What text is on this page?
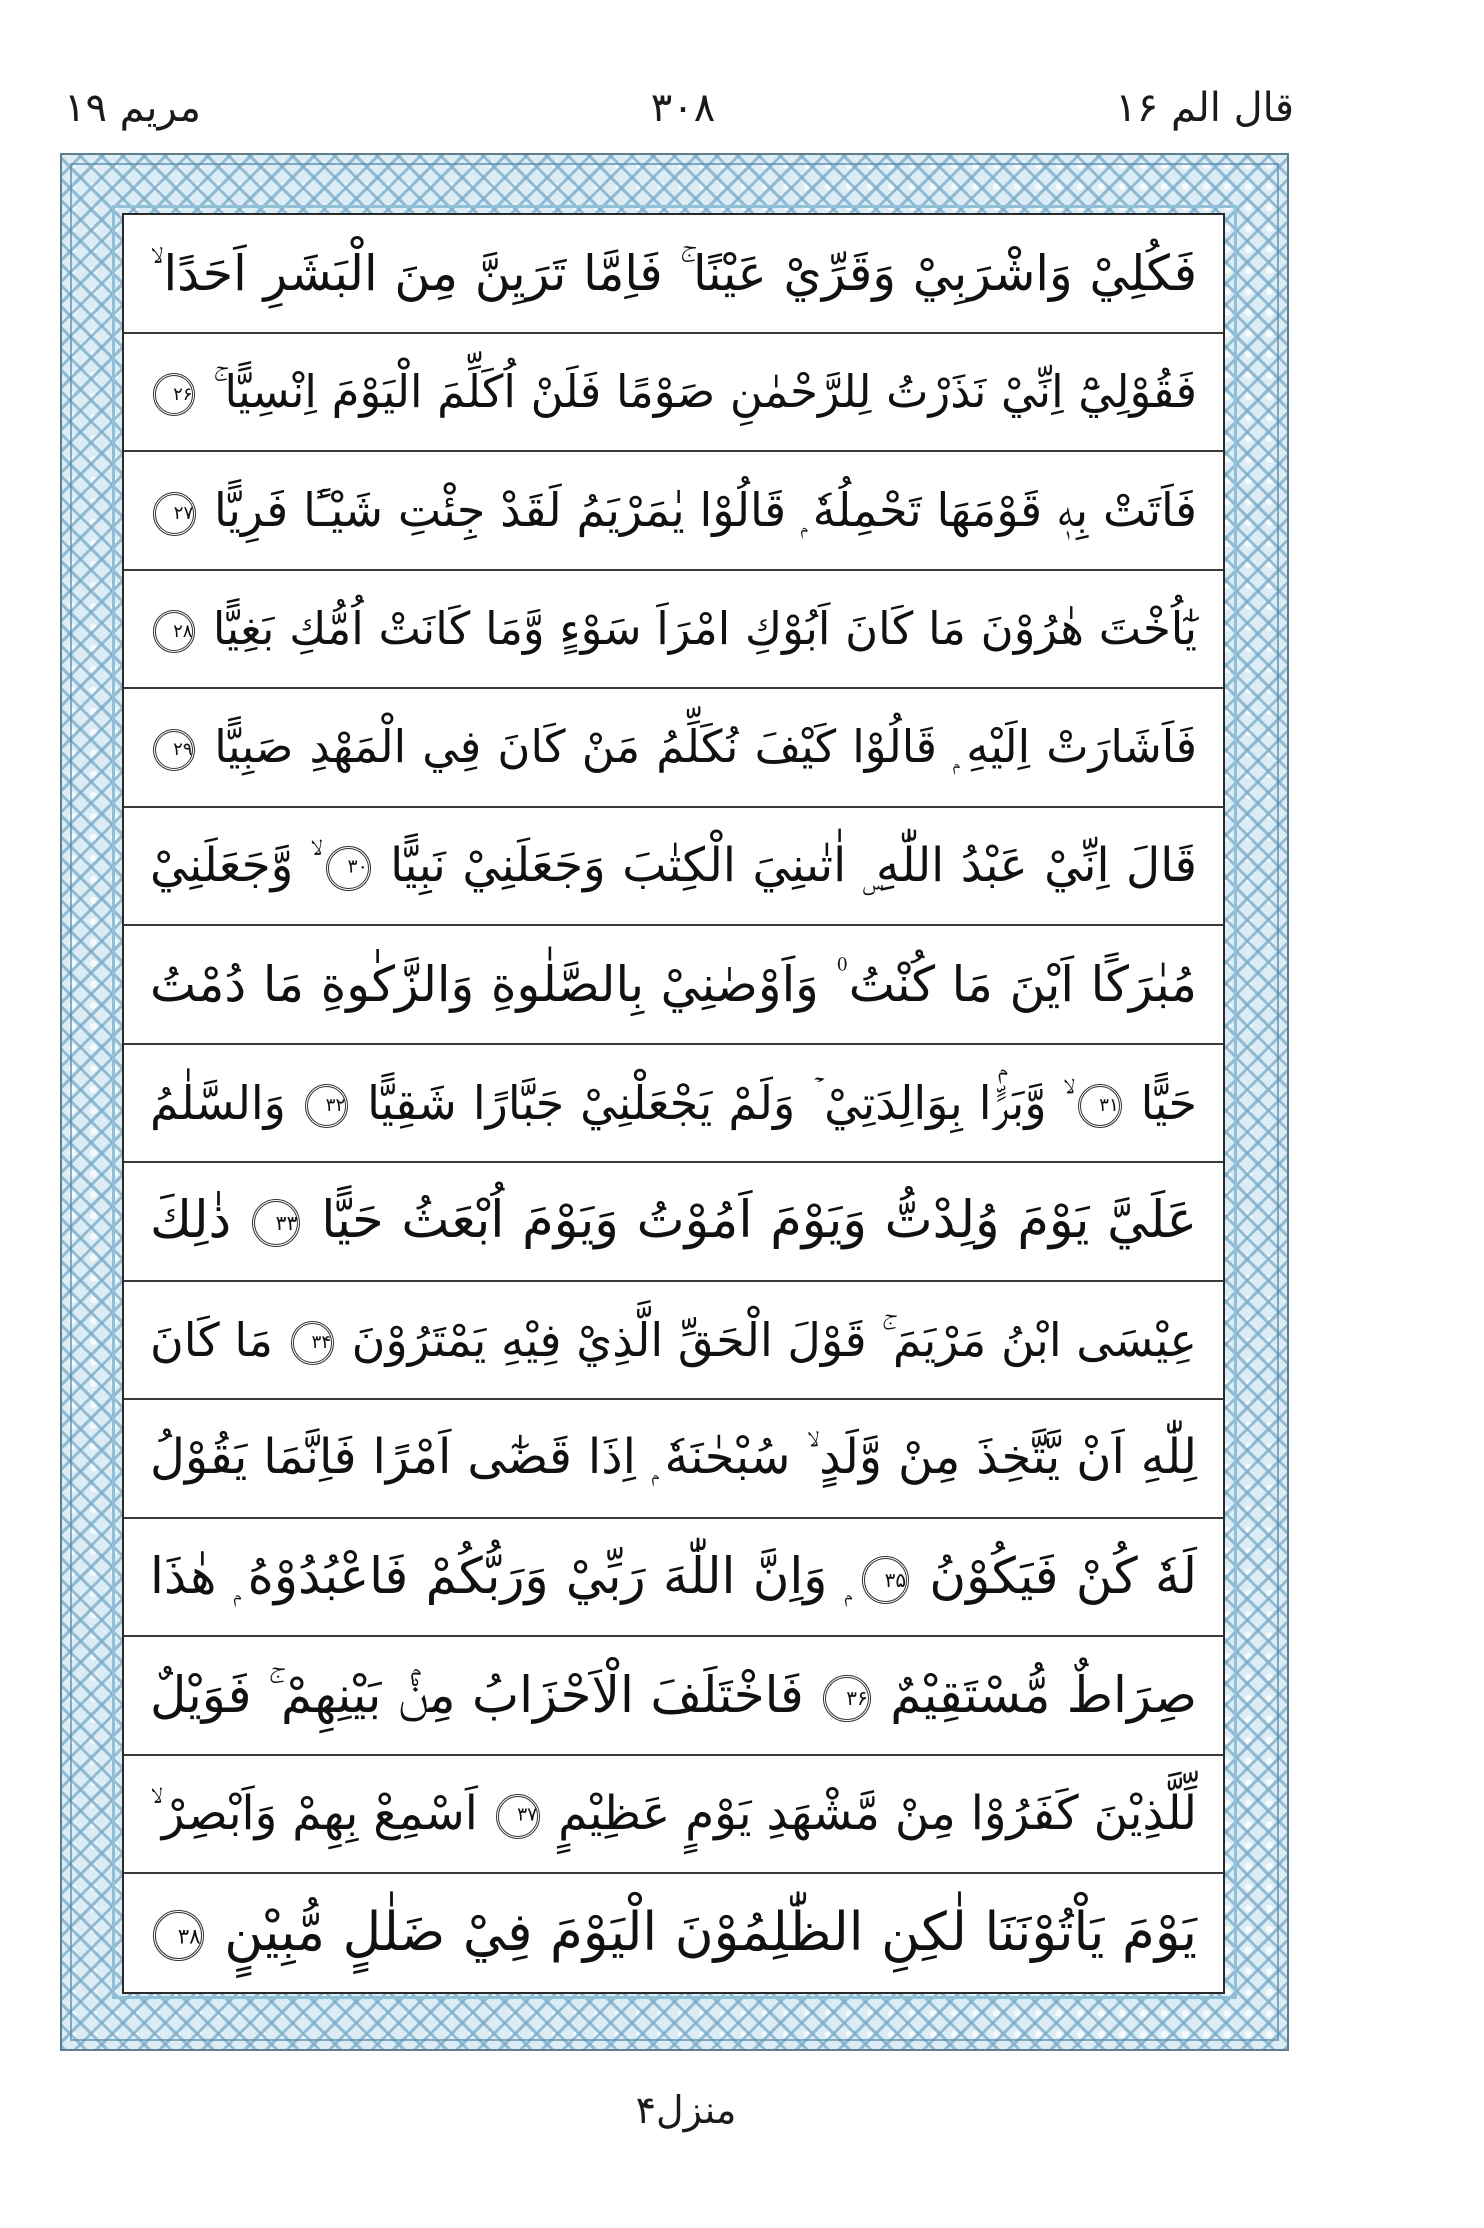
مریم ۱۹	۳۰۸	قال الم ۱۶
فَكُلِيْ وَاشْرَبِيْ وَقَرِّيْ عَيْنًا ۚ فَاِمَّا تَرَيِنَّ مِنَ الْبَشَرِ اَحَدًا ۙ
فَقُوْلِيْٓ اِنِّيْ نَذَرْتُ لِلرَّحْمٰنِ صَوْمًا فَلَنْ اُكَلِّمَ الْيَوْمَ اِنْسِيًّا ۚ
۲۶
فَاَتَتْ بِهٖ قَوْمَهَا تَحْمِلُهٗ ۭ قَالُوْا يٰمَرْيَمُ لَقَدْ جِئْتِ شَيْـًٔا فَرِيًّا
۲۷
يٰٓاُخْتَ هٰرُوْنَ مَا كَانَ اَبُوْكِ امْرَاَ سَوْءٍ وَّمَا كَانَتْ اُمُّكِ بَغِيًّا
۲۸
فَاَشَارَتْ اِلَيْهِ ۭ قَالُوْا كَيْفَ نُكَلِّمُ مَنْ كَانَ فِي الْمَهْدِ صَبِيًّا
۲۹
قَالَ اِنِّيْ عَبْدُ اللّٰهِ ۣ اٰتٰىنِيَ الْكِتٰبَ وَجَعَلَنِيْ نَبِيًّا
۳۰
ۙ وَّجَعَلَنِيْ
مُبٰرَكًا اَيْنَ مَا كُنْتُ ۠ وَاَوْصٰنِيْ بِالصَّلٰوةِ وَالزَّكٰوةِ مَا دُمْتُ
حَيًّا
۳۱
ۙ وَّبَرًّۢا بِوَالِدَتِيْ ۡ وَلَمْ يَجْعَلْنِيْ جَبَّارًا شَقِيًّا
۳۲
وَالسَّلٰمُ
عَلَيَّ يَوْمَ وُلِدْتُّ وَيَوْمَ اَمُوْتُ وَيَوْمَ اُبْعَثُ حَيًّا
۳۳
ذٰلِكَ
عِيْسَى ابْنُ مَرْيَمَ ۚ قَوْلَ الْحَقِّ الَّذِيْ فِيْهِ يَمْتَرُوْنَ
۳۴
مَا كَانَ
لِلّٰهِ اَنْ يَّتَّخِذَ مِنْ وَّلَدٍ ۙ سُبْحٰنَهٗ ۭ اِذَا قَضٰٓى اَمْرًا فَاِنَّمَا يَقُوْلُ
لَهٗ كُنْ فَيَكُوْنُ
۳۵
ۭ وَاِنَّ اللّٰهَ رَبِّيْ وَرَبُّكُمْ فَاعْبُدُوْهُ ۭ هٰذَا
صِرَاطٌ مُّسْتَقِيْمٌ
۳۶
فَاخْتَلَفَ الْاَحْزَابُ مِنْۢ بَيْنِهِمْ ۚ فَوَيْلٌ
لِّلَّذِيْنَ كَفَرُوْا مِنْ مَّشْهَدِ يَوْمٍ عَظِيْمٍ
۳۷
اَسْمِعْ بِهِمْ وَاَبْصِرْ ۙ
يَوْمَ يَاْتُوْنَنَا لٰكِنِ الظّٰلِمُوْنَ الْيَوْمَ فِيْ ضَلٰلٍ مُّبِيْنٍ
۳۸
منزل۴
